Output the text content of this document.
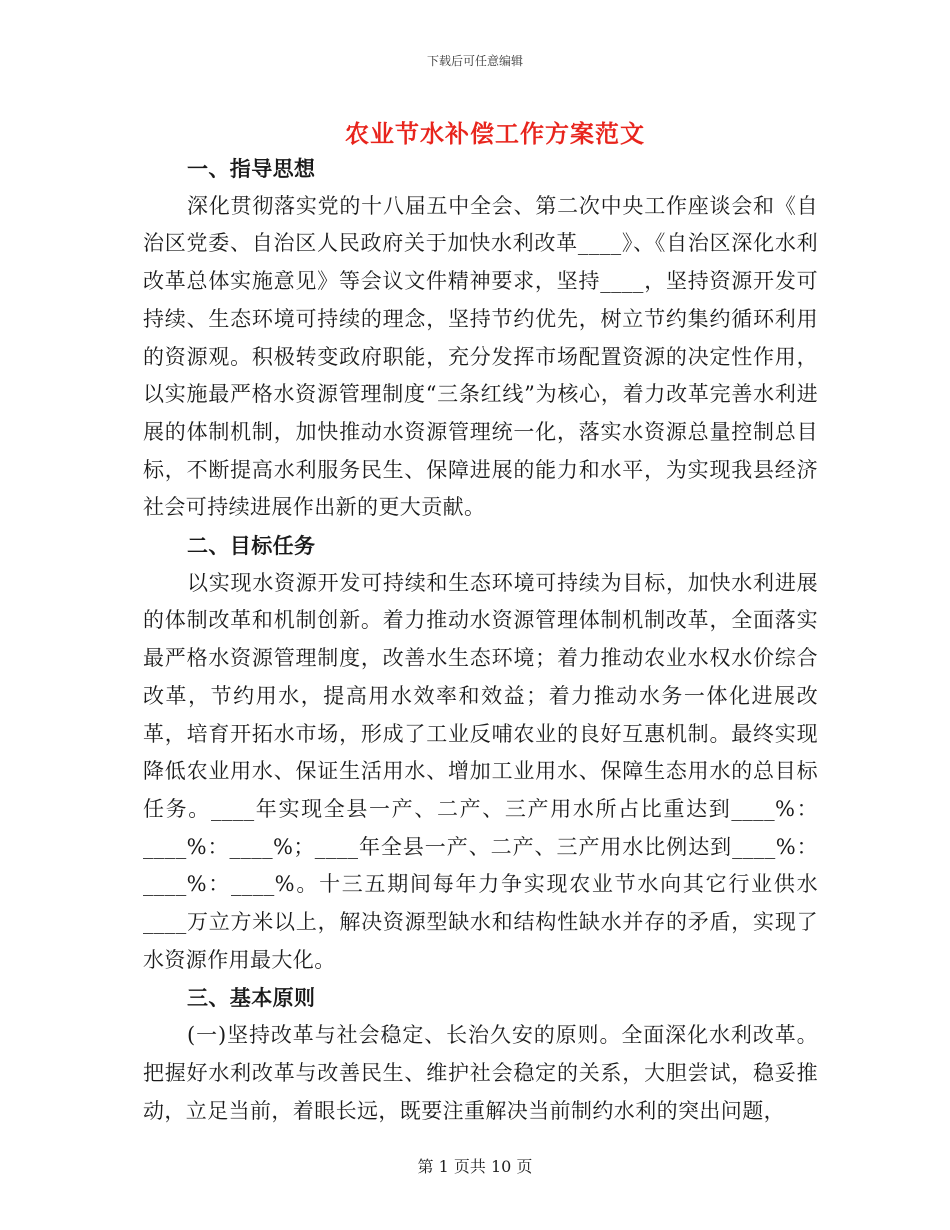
下载后可任意编辑
农业节水补偿工作方案范文

一、指导思想

深化贯彻落实党的十八届五中全会、第二次中央工作座谈会和《自治区党委、自治区人民政府关于加快水利改革____》、《自治区深化水利改革总体实施意见》等会议文件精神要求，坚持____，坚持资源开发可持续、生态环境可持续的理念，坚持节约优先，树立节约集约循环利用的资源观。积极转变政府职能，充分发挥市场配置资源的决定性作用，以实施最严格水资源管理制度“三条红线”为核心，着力改革完善水利进展的体制机制，加快推动水资源管理统一化，落实水资源总量控制总目标，不断提高水利服务民生、保障进展的能力和水平，为实现我县经济社会可持续进展作出新的更大贡献。

二、目标任务

以实现水资源开发可持续和生态环境可持续为目标，加快水利进展的体制改革和机制创新。着力推动水资源管理体制机制改革，全面落实最严格水资源管理制度，改善水生态环境；着力推动农业水权水价综合改革，节约用水，提高用水效率和效益；着力推动水务一体化进展改革，培育开拓水市场，形成了工业反哺农业的良好互惠机制。最终实现降低农业用水、保证生活用水、增加工业用水、保障生态用水的总目标任务。____年实现全县一产、二产、三产用水所占比重达到____%：____%：____%；____年全县一产、二产、三产用水比例达到____%：____%：____%。十三五期间每年力争实现农业节水向其它行业供水____万立方米以上，解决资源型缺水和结构性缺水并存的矛盾，实现了水资源作用最大化。

三、基本原则

(一)坚持改革与社会稳定、长治久安的原则。全面深化水利改革。把握好水利改革与改善民生、维护社会稳定的关系，大胆尝试，稳妥推动，立足当前，着眼长远，既要注重解决当前制约水利的突出问题，

第 1 页共 10 页
